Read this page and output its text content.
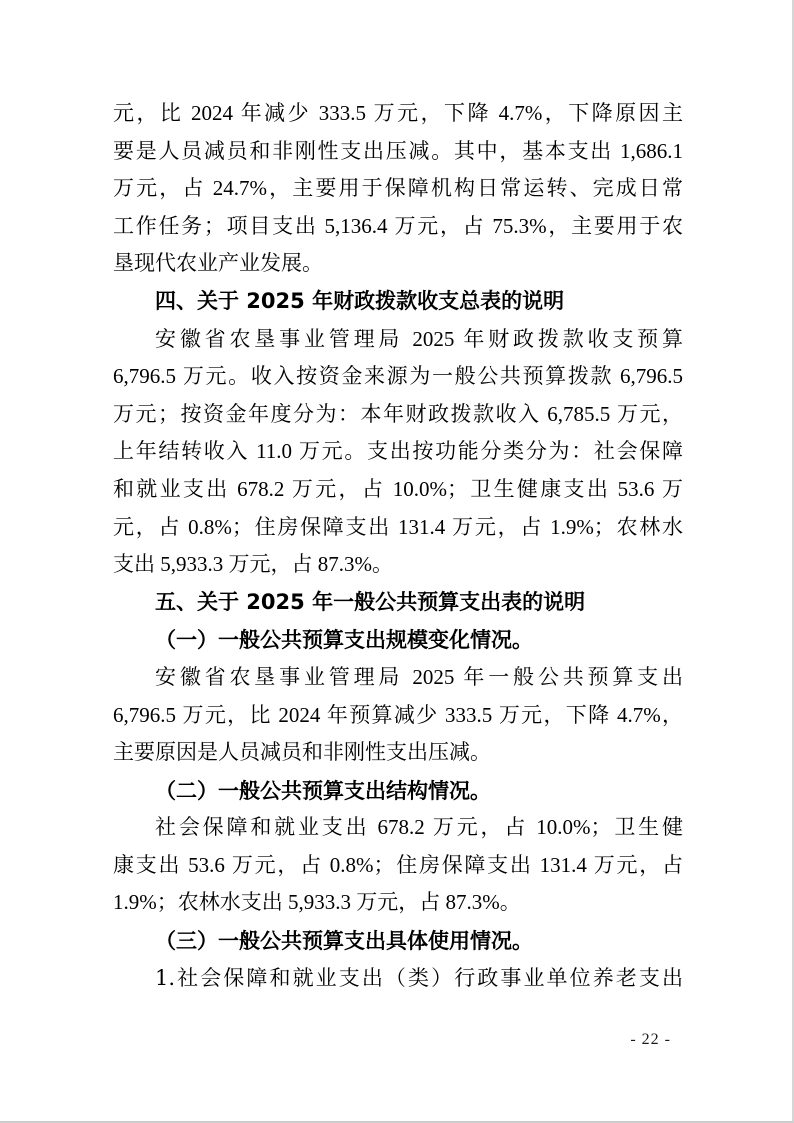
元，比 2024 年减少 333.5 万元，下降 4.7%，下降原因主
要是人员减员和非刚性支出压减。其中，基本支出 1,686.1
万元，占 24.7%，主要用于保障机构日常运转、完成日常
工作任务；项目支出 5,136.4 万元，占 75.3%，主要用于农
垦现代农业产业发展。
四、关于 2025 年财政拨款收支总表的说明
安徽省农垦事业管理局 2025 年财政拨款收支预算
6,796.5 万元。收入按资金来源为一般公共预算拨款 6,796.5
万元；按资金年度分为：本年财政拨款收入 6,785.5 万元，
上年结转收入 11.0 万元。支出按功能分类分为：社会保障
和就业支出 678.2 万元，占 10.0%；卫生健康支出 53.6 万
元，占 0.8%；住房保障支出 131.4 万元，占 1.9%；农林水
支出 5,933.3 万元，占 87.3%。
五、关于 2025 年一般公共预算支出表的说明
（一）一般公共预算支出规模变化情况。
安徽省农垦事业管理局 2025 年一般公共预算支出
6,796.5 万元，比 2024 年预算减少 333.5 万元，下降 4.7%，
主要原因是人员减员和非刚性支出压减。
（二）一般公共预算支出结构情况。
社会保障和就业支出 678.2 万元，占 10.0%；卫生健
康支出 53.6 万元，占 0.8%；住房保障支出 131.4 万元，占
1.9%；农林水支出 5,933.3 万元，占 87.3%。
（三）一般公共预算支出具体使用情况。
1.社会保障和就业支出（类）行政事业单位养老支出
- 22 -
